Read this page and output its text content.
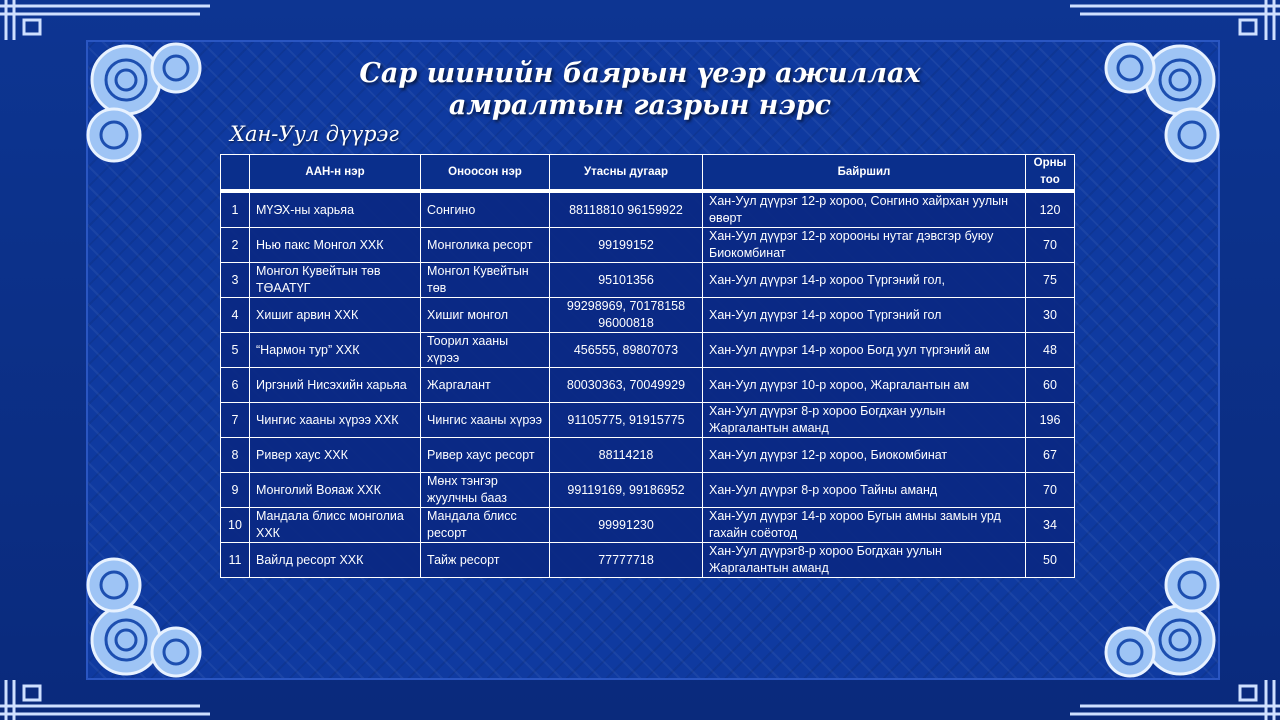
Сар шинийн баярын үеэр ажиллах
амралтын газрын нэрс
Хан-Уул дүүрэг
	ААН-н нэр	Оноосон нэр	Утасны дугаар	Байршил	Орны тоо
1	МҮЭХ-ны харьяа	Сонгино	88118810 96159922	Хан-Уул дүүрэг 12-р хороо, Сонгино хайрхан уулын өвөрт	120
2	Нью пакс Монгол ХХК	Монголика ресорт	99199152	Хан-Уул дүүрэг 12-р хорооны нутаг дэвсгэр буюу Биокомбинат	70
3	Монгол Кувейтын төв ТӨААТҮГ	Монгол Кувейтын төв	95101356	Хан-Уул дүүрэг 14-р хороо Түргэний гол,	75
4	Хишиг арвин ХХК	Хишиг монгол	99298969, 70178158 96000818	Хан-Уул дүүрэг 14-р хороо Түргэний гол	30
5	“Нармон тур” ХХК	Тоорил хааны хүрээ	456555, 89807073	Хан-Уул дүүрэг 14-р хороо Богд уул түргэний ам	48
6	Иргэний Нисэхийн харьяа	Жаргалант	80030363, 70049929	Хан-Уул дүүрэг 10-р хороо, Жаргалантын ам	60
7	Чингис хааны хүрээ ХХК	Чингис хааны хүрээ	91105775, 91915775	Хан-Уул дүүрэг 8-р хороо Богдхан уулын Жаргалантын аманд	196
8	Ривер хаус ХХК	Ривер хаус ресорт	88114218	Хан-Уул дүүрэг 12-р хороо, Биокомбинат	67
9	Монголий Вояаж ХХК	Мөнх тэнгэр жуулчны бааз	99119169, 99186952	Хан-Уул дүүрэг 8-р хороо Тайны аманд	70
10	Мандала блисс монголиа ХХК	Мандала блисс ресорт	99991230	Хан-Уул дүүрэг 14-р хороо Бугын амны замын урд гахайн соёотод	34
11	Вайлд ресорт ХХК	Тайж ресорт	77777718	Хан-Уул дүүрэг8-р хороо Богдхан уулын Жаргалантын аманд	50
